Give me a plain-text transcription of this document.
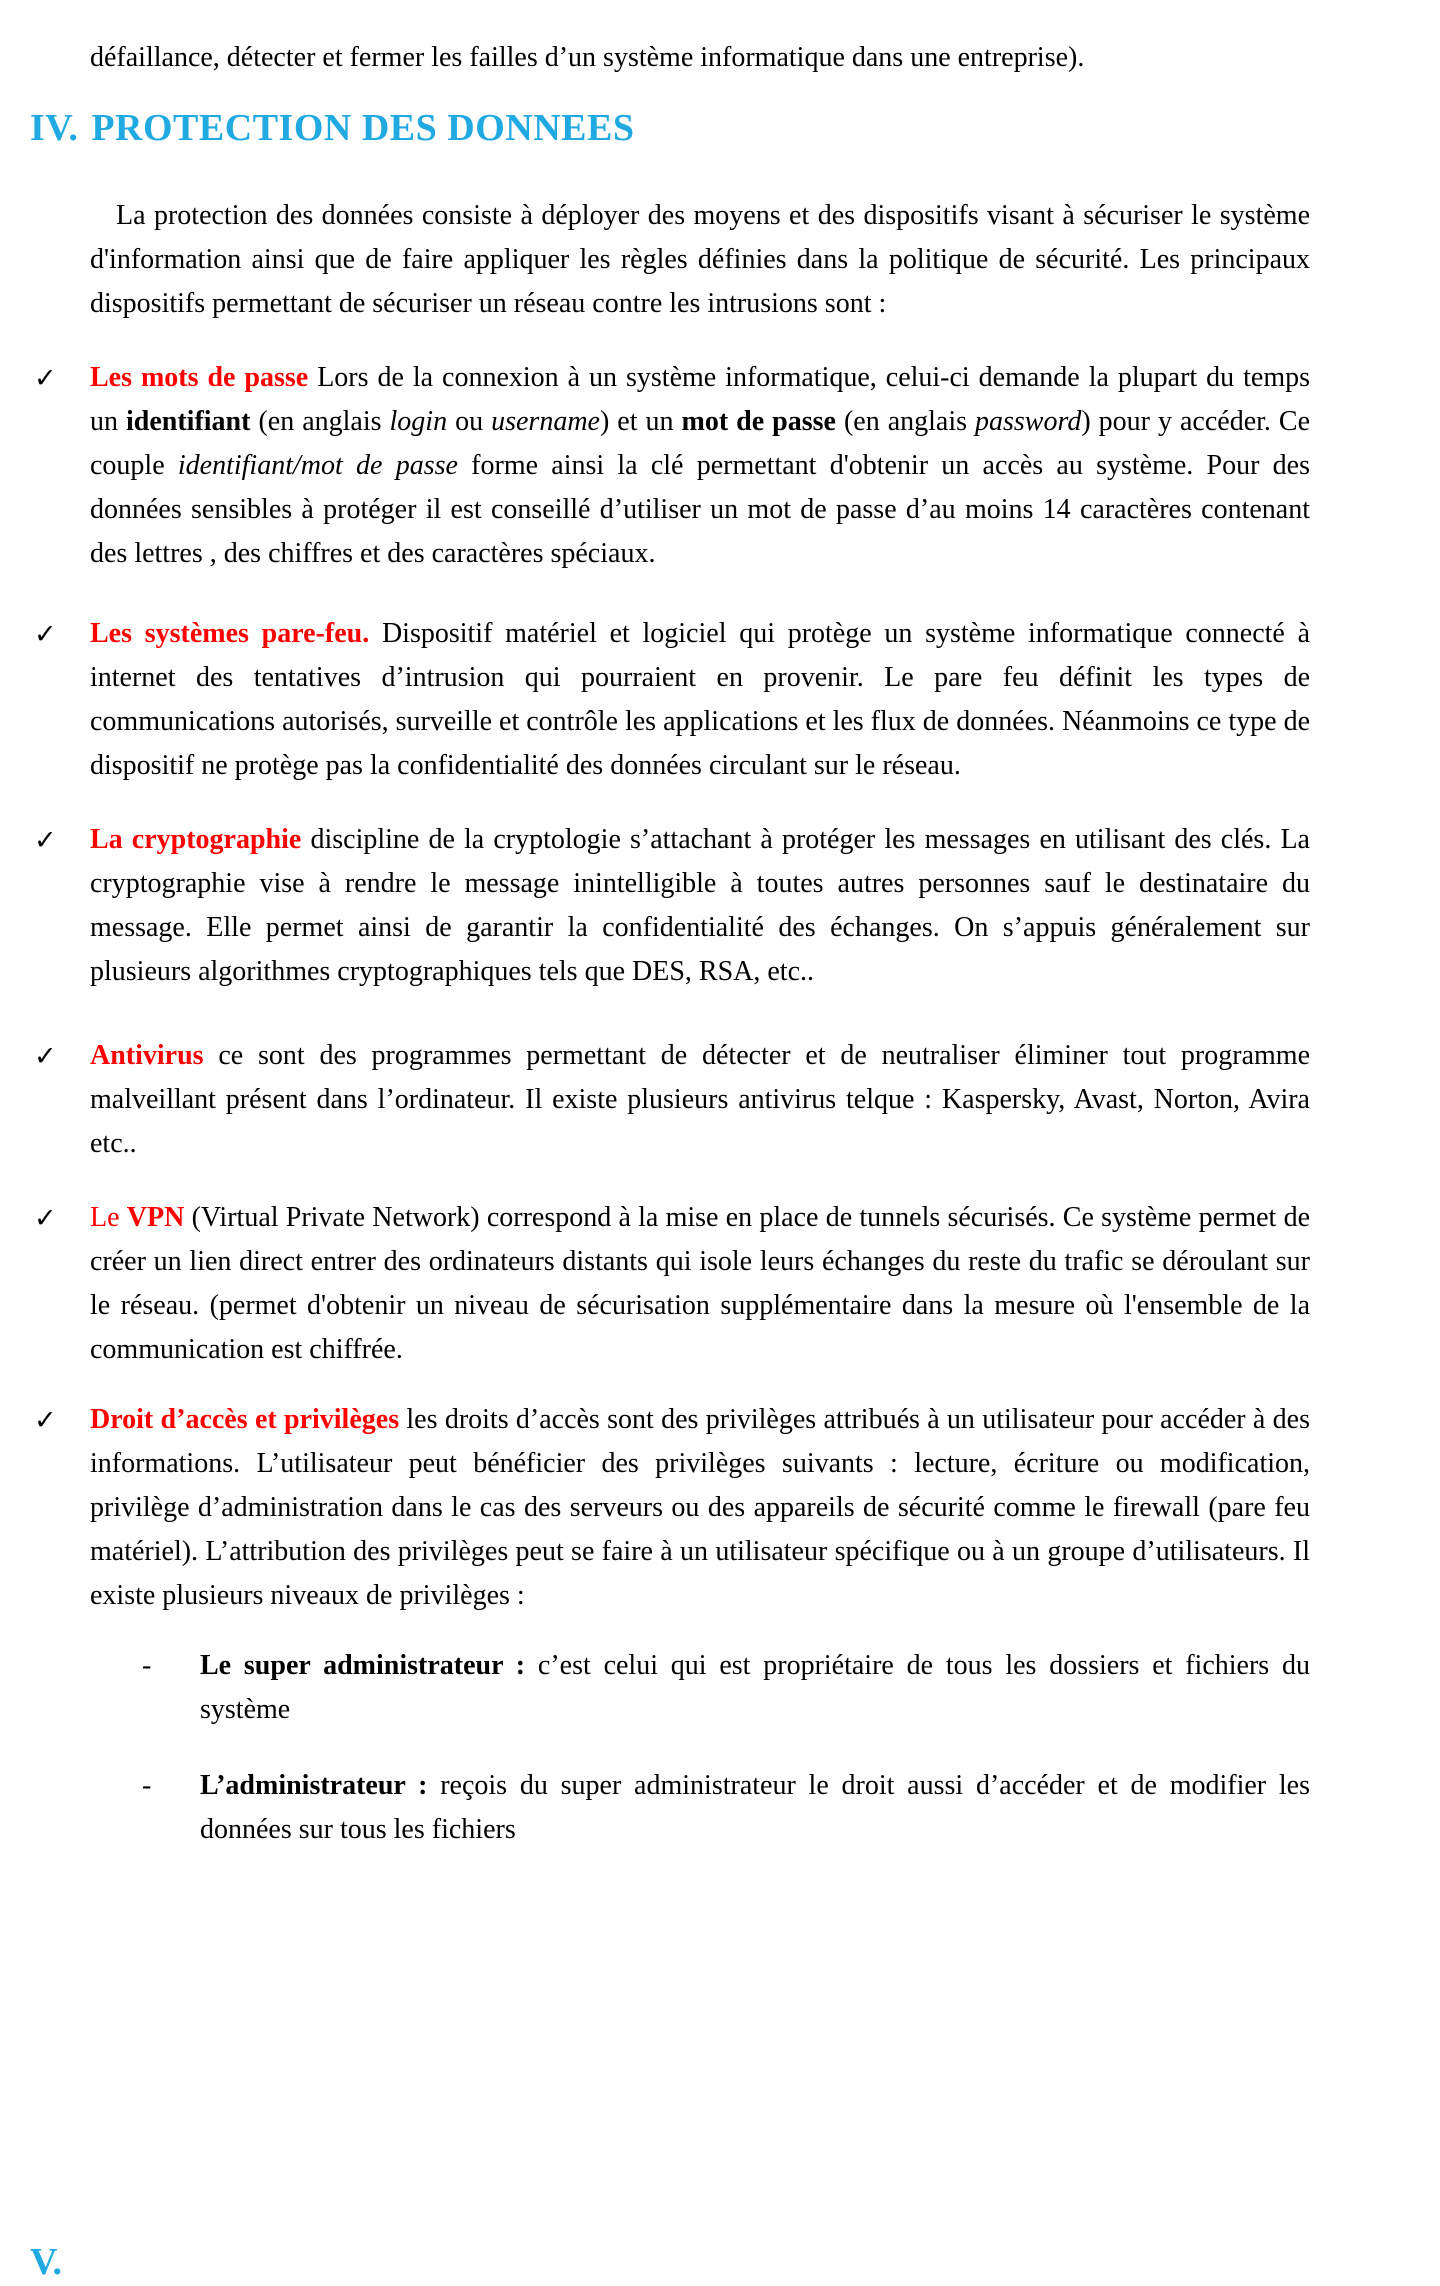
défaillance, détecter et fermer les failles d’un système informatique dans une entreprise).

IV. PROTECTION DES DONNEES

La protection des données consiste à déployer des moyens et des dispositifs visant à sécuriser le système d'information ainsi que de faire appliquer les règles définies dans la politique de sécurité. Les principaux dispositifs permettant de sécuriser un réseau contre les intrusions sont :

✓ Les mots de passe Lors de la connexion à un système informatique, celui-ci demande la plupart du temps un identifiant (en anglais login ou username) et un mot de passe (en anglais password) pour y accéder. Ce couple identifiant/mot de passe forme ainsi la clé permettant d'obtenir un accès au système. Pour des données sensibles à protéger il est conseillé d’utiliser un mot de passe d’au moins 14 caractères contenant des lettres , des chiffres et des caractères spéciaux.
✓ Les systèmes pare-feu. Dispositif matériel et logiciel qui protège un système informatique connecté à internet des tentatives d’intrusion qui pourraient en provenir. Le pare feu définit les types de communications autorisés, surveille et contrôle les applications et les flux de données. Néanmoins ce type de dispositif ne protège pas la confidentialité des données circulant sur le réseau.
✓ La cryptographie discipline de la cryptologie s’attachant à protéger les messages en utilisant des clés. La cryptographie vise à rendre le message inintelligible à toutes autres personnes sauf le destinataire du message. Elle permet ainsi de garantir la confidentialité des échanges. On s’appuis généralement sur plusieurs algorithmes cryptographiques tels que DES, RSA, etc..
✓ Antivirus ce sont des programmes permettant de détecter et de neutraliser éliminer tout programme malveillant présent dans l’ordinateur. Il existe plusieurs antivirus telque : Kaspersky, Avast, Norton, Avira etc..
✓ Le VPN (Virtual Private Network) correspond à la mise en place de tunnels sécurisés. Ce système permet de créer un lien direct entrer des ordinateurs distants qui isole leurs échanges du reste du trafic se déroulant sur le réseau. (permet d'obtenir un niveau de sécurisation supplémentaire dans la mesure où l'ensemble de la communication est chiffrée.
✓ Droit d’accès et privilèges les droits d’accès sont des privilèges attribués à un utilisateur pour accéder à des informations. L’utilisateur peut bénéficier des privilèges suivants : lecture, écriture ou modification, privilège d’administration dans le cas des serveurs ou des appareils de sécurité comme le firewall (pare feu matériel). L’attribution des privilèges peut se faire à un utilisateur spécifique ou à un groupe d’utilisateurs. Il existe plusieurs niveaux de privilèges :
- Le super administrateur : c’est celui qui est propriétaire de tous les dossiers et fichiers du système
- L’administrateur : reçois du super administrateur le droit aussi d’accéder et de modifier les données sur tous les fichiers
V.
